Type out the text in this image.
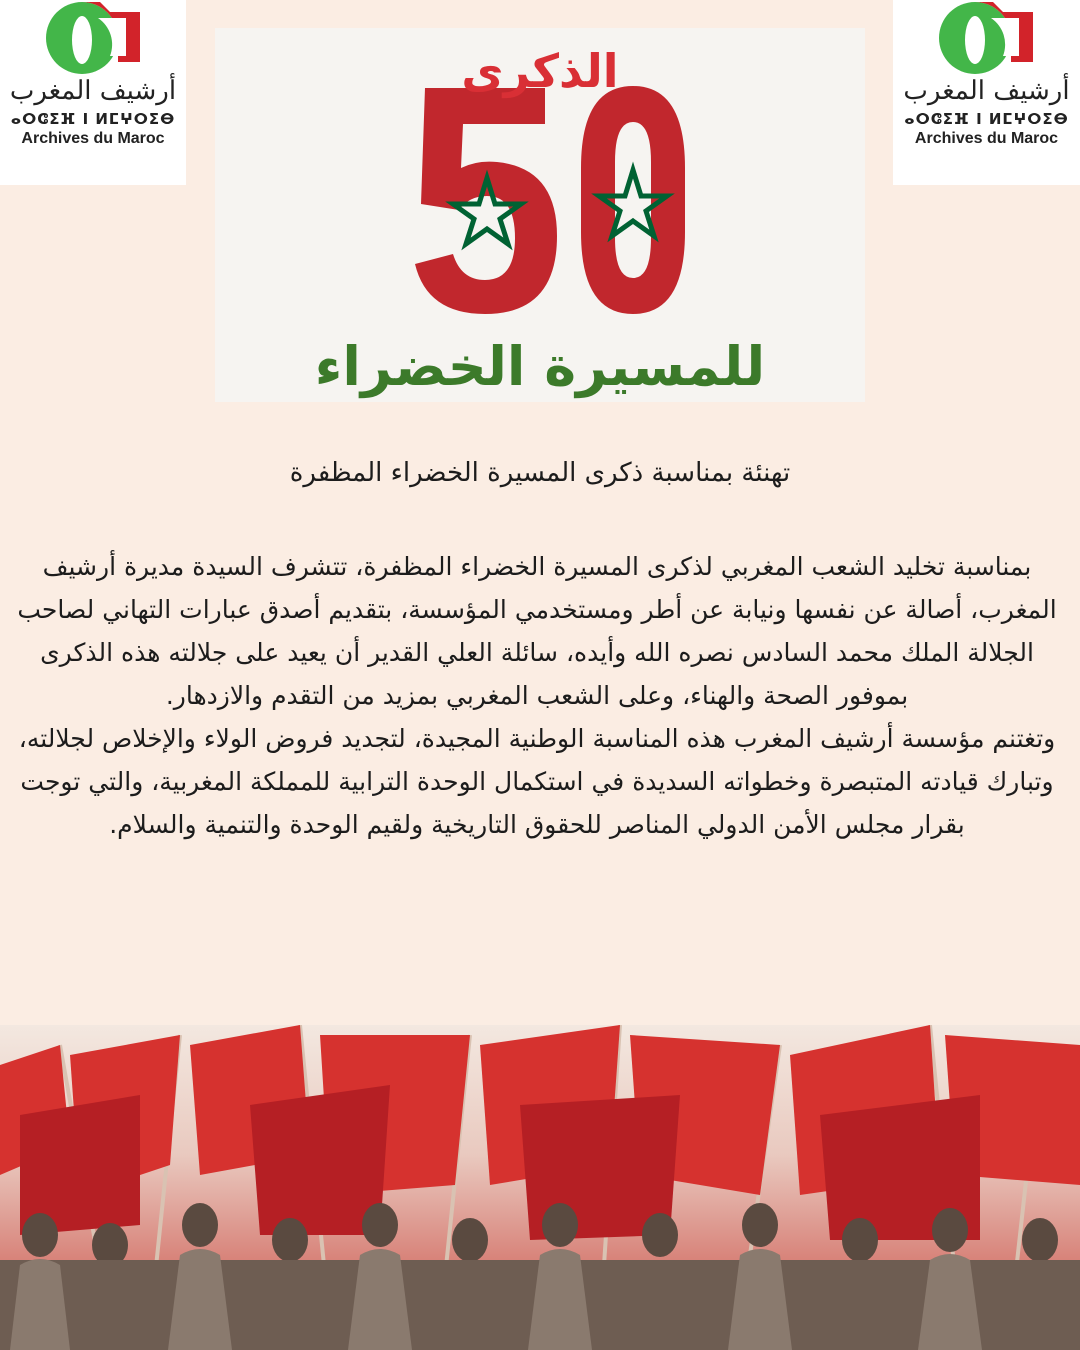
أرشيف المغرب
ⴰⵔⵛⵉⴼ ⵏ ⵍⵎⵖⵔⵉⴱ
Archives du Maroc
أرشيف المغرب
ⴰⵔⵛⵉⴼ ⵏ ⵍⵎⵖⵔⵉⴱ
Archives du Maroc
الذكرى
للمسيرة الخضراء
تهنئة بمناسبة ذكرى المسيرة الخضراء المظفرة

بمناسبة تخليد الشعب المغربي لذكرى المسيرة الخضراء المظفرة، تتشرف السيدة مديرة أرشيف المغرب، أصالة عن نفسها ونيابة عن أطر ومستخدمي المؤسسة، بتقديم أصدق عبارات التهاني لصاحب الجلالة الملك محمد السادس نصره الله وأيده، سائلة العلي القدير أن يعيد على جلالته هذه الذكرى بموفور الصحة والهناء، وعلى الشعب المغربي بمزيد من التقدم والازدهار.

وتغتنم مؤسسة أرشيف المغرب هذه المناسبة الوطنية المجيدة، لتجديد فروض الولاء والإخلاص لجلالته، وتبارك قيادته المتبصرة وخطواته السديدة في استكمال الوحدة الترابية للمملكة المغربية، والتي توجت بقرار مجلس الأمن الدولي المناصر للحقوق التاريخية ولقيم الوحدة والتنمية والسلام.
